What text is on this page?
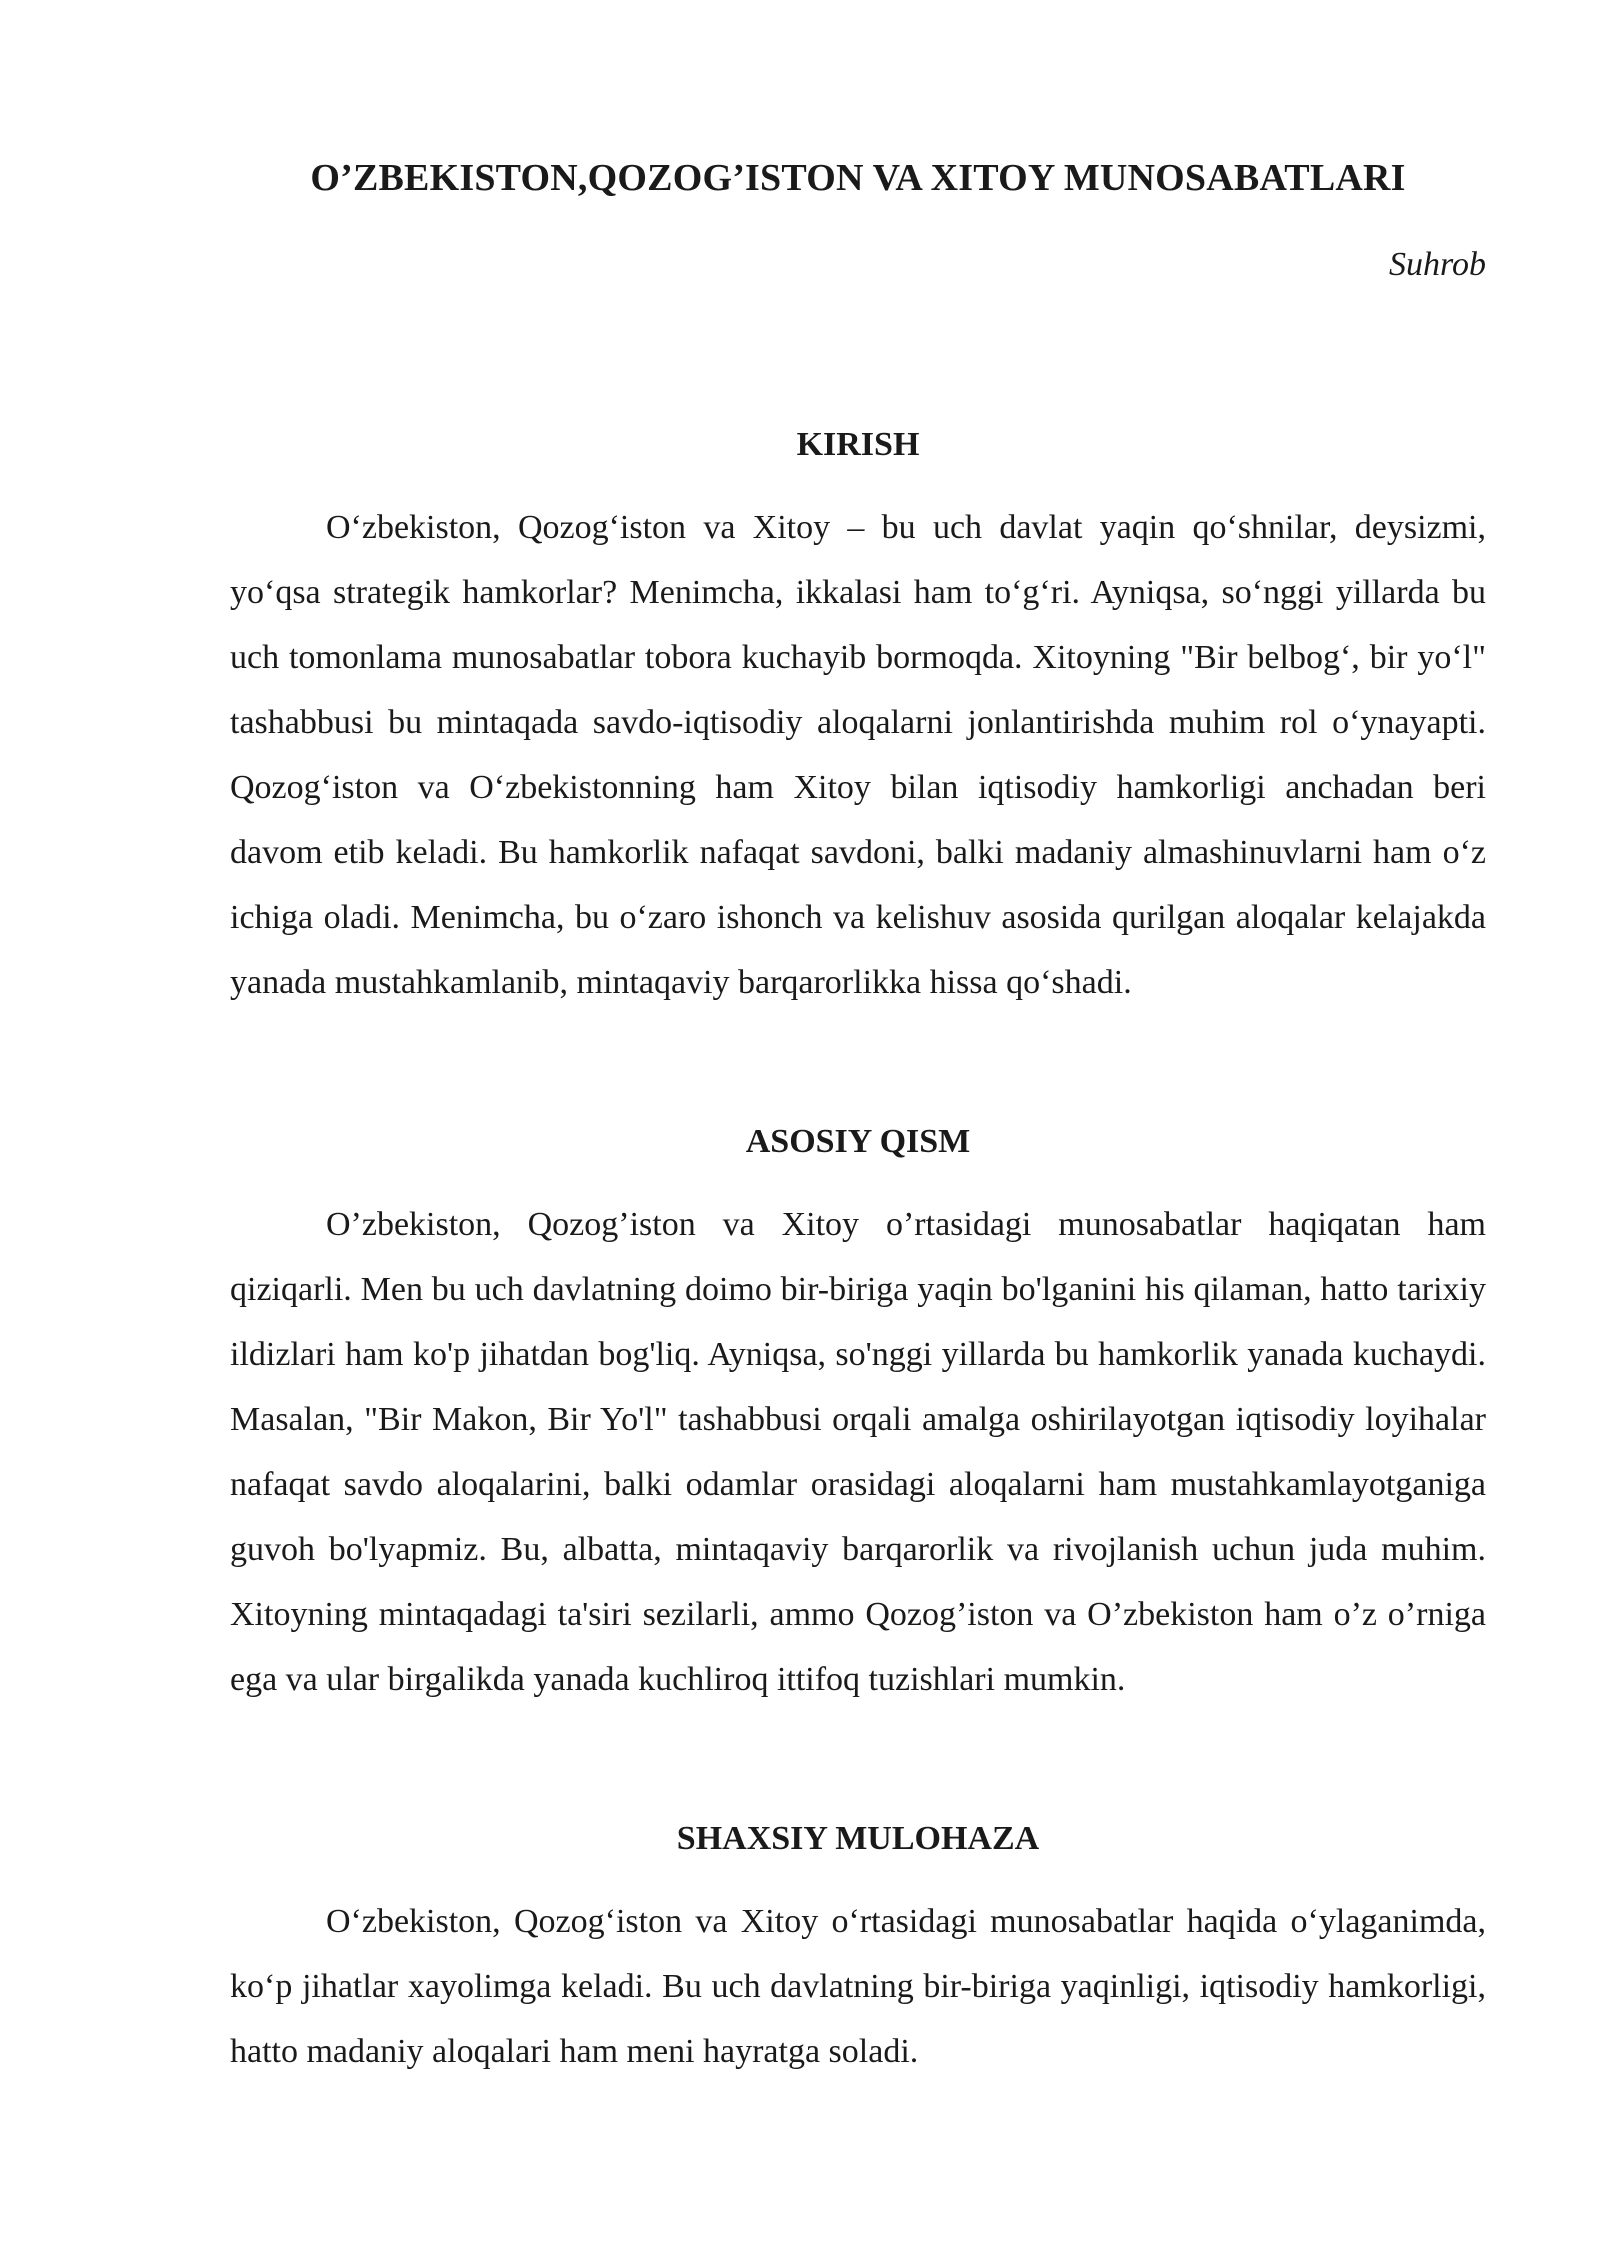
O’ZBEKISTON,QOZOG’ISTON VA XITOY MUNOSABATLARI
Suhrob
KIRISH

O‘zbekiston, Qozog‘iston va Xitoy – bu uch davlat yaqin qo‘shnilar, deysizmi, yo‘qsa strategik hamkorlar? Menimcha, ikkalasi ham to‘g‘ri. Ayniqsa, so‘nggi yillarda bu uch tomonlama munosabatlar tobora kuchayib bormoqda. Xitoyning "Bir belbog‘, bir yo‘l" tashabbusi bu mintaqada savdo-iqtisodiy aloqalarni jonlantirishda muhim rol o‘ynayapti. Qozog‘iston va O‘zbekistonning ham Xitoy bilan iqtisodiy hamkorligi anchadan beri davom etib keladi. Bu hamkorlik nafaqat savdoni, balki madaniy almashinuvlarni ham o‘z ichiga oladi. Menimcha, bu o‘zaro ishonch va kelishuv asosida qurilgan aloqalar kelajakda yanada mustahkamlanib, mintaqaviy barqarorlikka hissa qo‘shadi.

ASOSIY QISM

O’zbekiston, Qozog’iston va Xitoy o’rtasidagi munosabatlar haqiqatan ham qiziqarli. Men bu uch davlatning doimo bir-biriga yaqin bo'lganini his qilaman, hatto tarixiy ildizlari ham ko'p jihatdan bog'liq. Ayniqsa, so'nggi yillarda bu hamkorlik yanada kuchaydi. Masalan, "Bir Makon, Bir Yo'l" tashabbusi orqali amalga oshirilayotgan iqtisodiy loyihalar nafaqat savdo aloqalarini, balki odamlar orasidagi aloqalarni ham mustahkamlayotganiga guvoh bo'lyapmiz. Bu, albatta, mintaqaviy barqarorlik va rivojlanish uchun juda muhim. Xitoyning mintaqadagi ta'siri sezilarli, ammo Qozog’iston va O’zbekiston ham o’z o’rniga ega va ular birgalikda yanada kuchliroq ittifoq tuzishlari mumkin.

SHAXSIY MULOHAZA

O‘zbekiston, Qozog‘iston va Xitoy o‘rtasidagi munosabatlar haqida o‘ylaganimda, ko‘p jihatlar xayolimga keladi. Bu uch davlatning bir-biriga yaqinligi, iqtisodiy hamkorligi, hatto madaniy aloqalari ham meni hayratga soladi.
